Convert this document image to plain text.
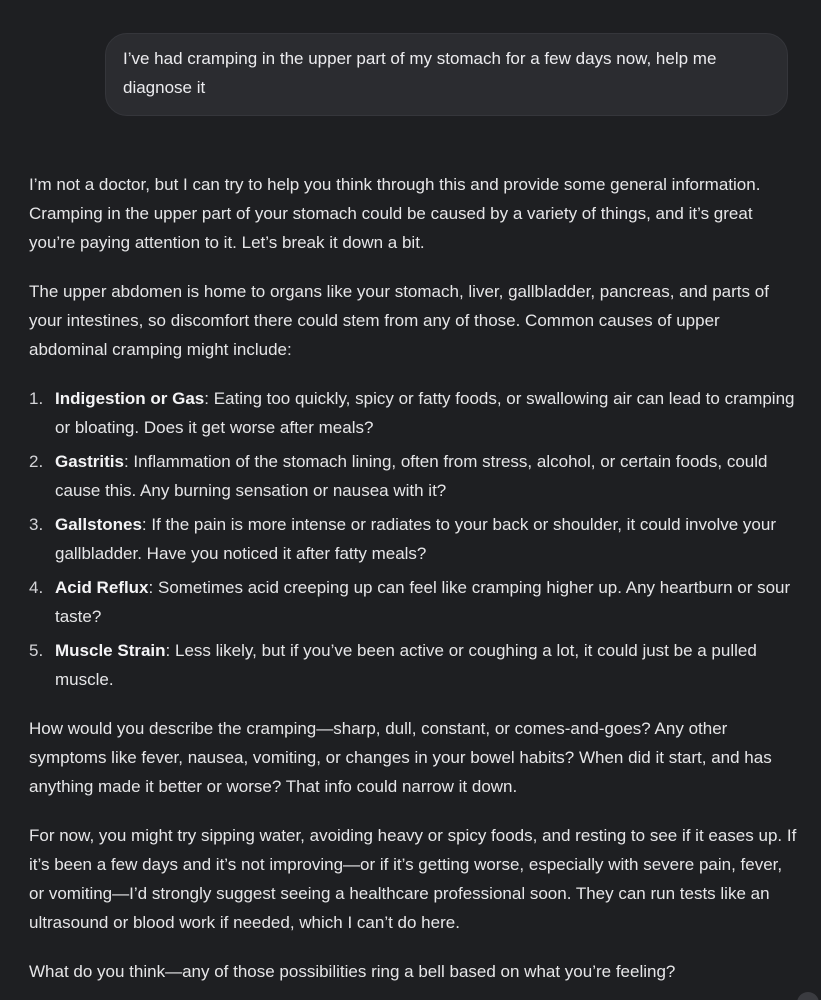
I’ve had cramping in the upper part of my stomach for a few days now, help me diagnose it

I’m not a doctor, but I can try to help you think through this and provide some general information. Cramping in the upper part of your stomach could be caused by a variety of things, and it’s great you’re paying attention to it. Let’s break it down a bit.

The upper abdomen is home to organs like your stomach, liver, gallbladder, pancreas, and parts of your intestines, so discomfort there could stem from any of those. Common causes of upper abdominal cramping might include:

1. Indigestion or Gas: Eating too quickly, spicy or fatty foods, or swallowing air can lead to cramping or bloating. Does it get worse after meals?
2. Gastritis: Inflammation of the stomach lining, often from stress, alcohol, or certain foods, could cause this. Any burning sensation or nausea with it?
3. Gallstones: If the pain is more intense or radiates to your back or shoulder, it could involve your gallbladder. Have you noticed it after fatty meals?
4. Acid Reflux: Sometimes acid creeping up can feel like cramping higher up. Any heartburn or sour taste?
5. Muscle Strain: Less likely, but if you’ve been active or coughing a lot, it could just be a pulled muscle.

How would you describe the cramping—sharp, dull, constant, or comes-and-goes? Any other symptoms like fever, nausea, vomiting, or changes in your bowel habits? When did it start, and has anything made it better or worse? That info could narrow it down.

For now, you might try sipping water, avoiding heavy or spicy foods, and resting to see if it eases up. If it’s been a few days and it’s not improving—or if it’s getting worse, especially with severe pain, fever, or vomiting—I’d strongly suggest seeing a healthcare professional soon. They can run tests like an ultrasound or blood work if needed, which I can’t do here.

What do you think—any of those possibilities ring a bell based on what you’re feeling?
